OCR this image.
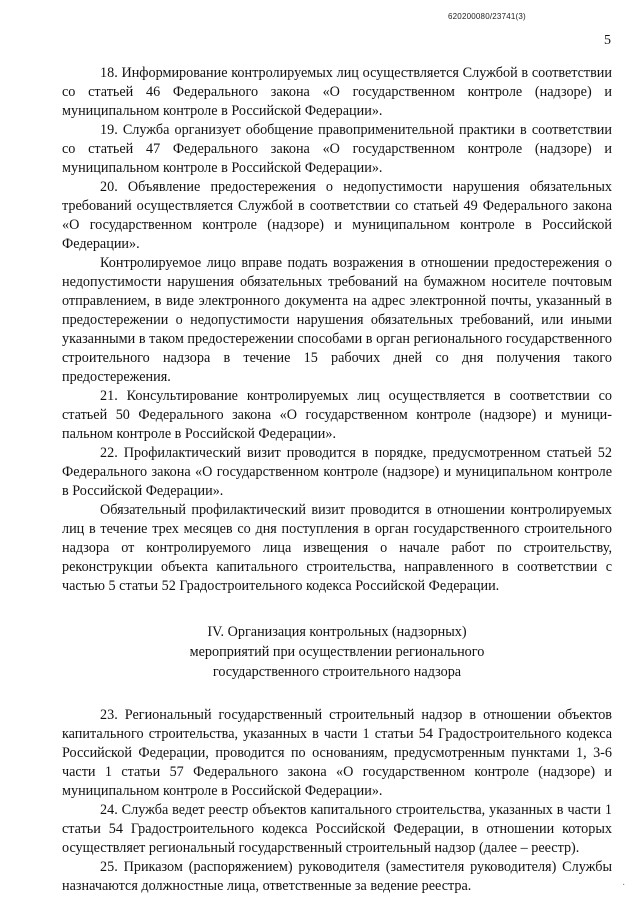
620200080/23741(3)
5

18. Информирование контролируемых лиц осуществляется Службой в соответствии со статьей 46 Федерального закона «О государственном контроле (надзоре) и муниципальном контроле в Российской Федерации».

19. Служба организует обобщение правоприменительной практики в соответствии со статьей 47 Федерального закона «О государственном контроле (надзоре) и муниципальном контроле в Российской Федерации».

20. Объявление предостережения о недопустимости нарушения обязательных требований осуществляется Службой в соответствии со статьей 49 Федерального закона «О государственном контроле (надзоре) и муниципальном контроле в Российской Федерации».

Контролируемое лицо вправе подать возражения в отношении предостережения о недопустимости нарушения обязательных требований на бумажном носителе почтовым отправлением, в виде электронного документа на адрес электронной почты, указанный в предостережении о недопустимости нарушения обязательных требований, или иными указанными в таком предостережении способами в орган регионального государственного строительного надзора в течение 15 рабочих дней со дня получения такого предостережения.

21. Консультирование контролируемых лиц осуществляется в соответствии со статьей 50 Федерального закона «О государственном контроле (надзоре) и муниципальном контроле в Российской Федерации».

22. Профилактический визит проводится в порядке, предусмотренном статьей 52 Федерального закона «О государственном контроле (надзоре) и муниципальном контроле в Российской Федерации».

Обязательный профилактический визит проводится в отношении контролируемых лиц в течение трех месяцев со дня поступления в орган государственного строительного надзора от контролируемого лица извещения о начале работ по строительству, реконструкции объекта капитального строительства, направленного в соответствии с частью 5 статьи 52 Градостроительного кодекса Российской Федерации.

IV. Организация контрольных (надзорных)
мероприятий при осуществлении регионального
государственного строительного надзора

23. Региональный государственный строительный надзор в отношении объектов капитального строительства, указанных в части 1 статьи 54 Градостроительного кодекса Российской Федерации, проводится по основаниям, предусмотренным пунктами 1, 3-6 части 1 статьи 57 Федерального закона «О государственном контроле (надзоре) и муниципальном контроле в Российской Федерации».

24. Служба ведет реестр объектов капитального строительства, указанных в части 1 статьи 54 Градостроительного кодекса Российской Федерации, в отношении которых осуществляет региональный государственный строительный надзор (далее – реестр).

25. Приказом (распоряжением) руководителя (заместителя руководителя) Службы назначаются должностные лица, ответственные за ведение реестра.	·
